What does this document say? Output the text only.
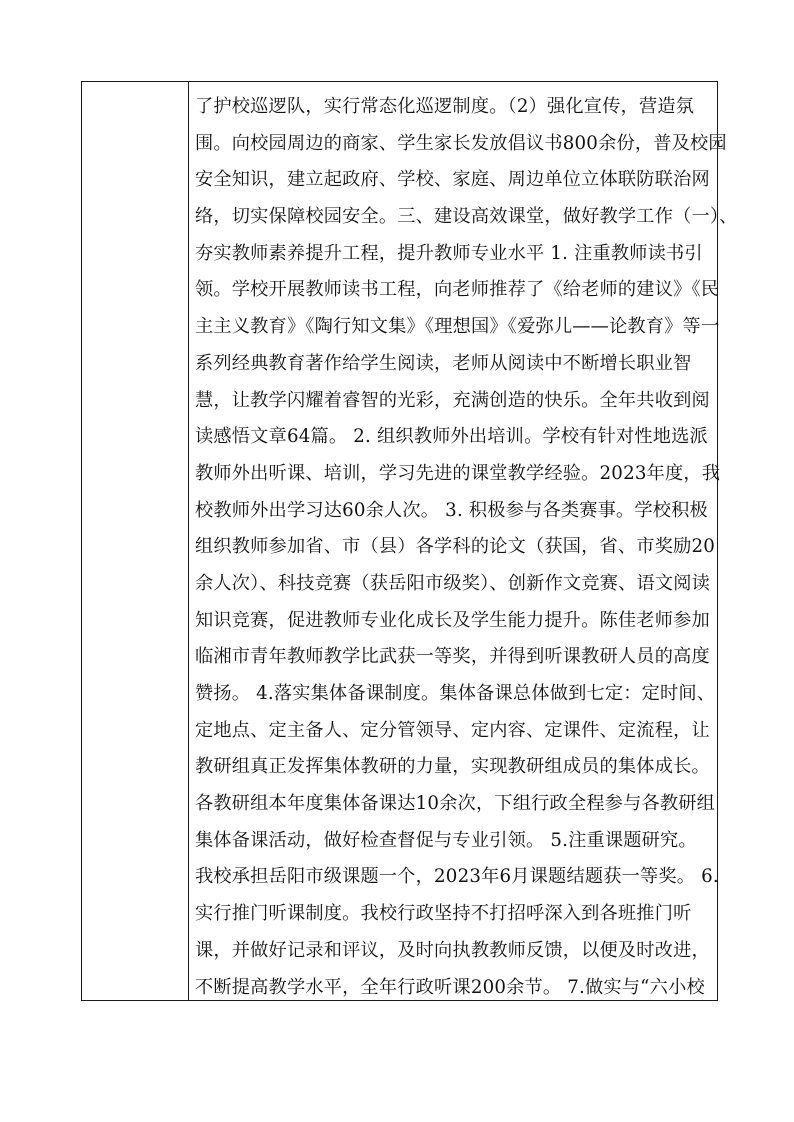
了护校巡逻队，实行常态化巡逻制度。（2）强化宣传，营造氛
围。向校园周边的商家、学生家长发放倡议书800余份，普及校园
安全知识，建立起政府、学校、家庭、周边单位立体联防联治网
络，切实保障校园安全。三、建设高效课堂，做好教学工作（一）、
夯实教师素养提升工程，提升教师专业水平 1. 注重教师读书引
领。学校开展教师读书工程，向老师推荐了《给老师的建议》《民
主主义教育》《陶行知文集》《理想国》《爱弥儿——论教育》等一
系列经典教育著作给学生阅读，老师从阅读中不断增长职业智
慧，让教学闪耀着睿智的光彩，充满创造的快乐。全年共收到阅
读感悟文章64篇。 2. 组织教师外出培训。学校有针对性地选派
教师外出听课、培训，学习先进的课堂教学经验。2023年度，我
校教师外出学习达60余人次。 3. 积极参与各类赛事。学校积极
组织教师参加省、市（县）各学科的论文（获国，省、市奖励20
余人次）、科技竞赛（获岳阳市级奖）、创新作文竞赛、语文阅读
知识竞赛，促进教师专业化成长及学生能力提升。陈佳老师参加
临湘市青年教师教学比武获一等奖，并得到听课教研人员的高度
赞扬。 4.落实集体备课制度。集体备课总体做到七定：定时间、
定地点、定主备人、定分管领导、定内容、定课件、定流程，让
教研组真正发挥集体教研的力量，实现教研组成员的集体成长。
各教研组本年度集体备课达10余次，下组行政全程参与各教研组
集体备课活动，做好检查督促与专业引领。 5.注重课题研究。
我校承担岳阳市级课题一个，2023年6月课题结题获一等奖。 6.
实行推门听课制度。我校行政坚持不打招呼深入到各班推门听
课，并做好记录和评议，及时向执教教师反馈，以便及时改进，
不断提高教学水平，全年行政听课200余节。 7.做实与“六小校
